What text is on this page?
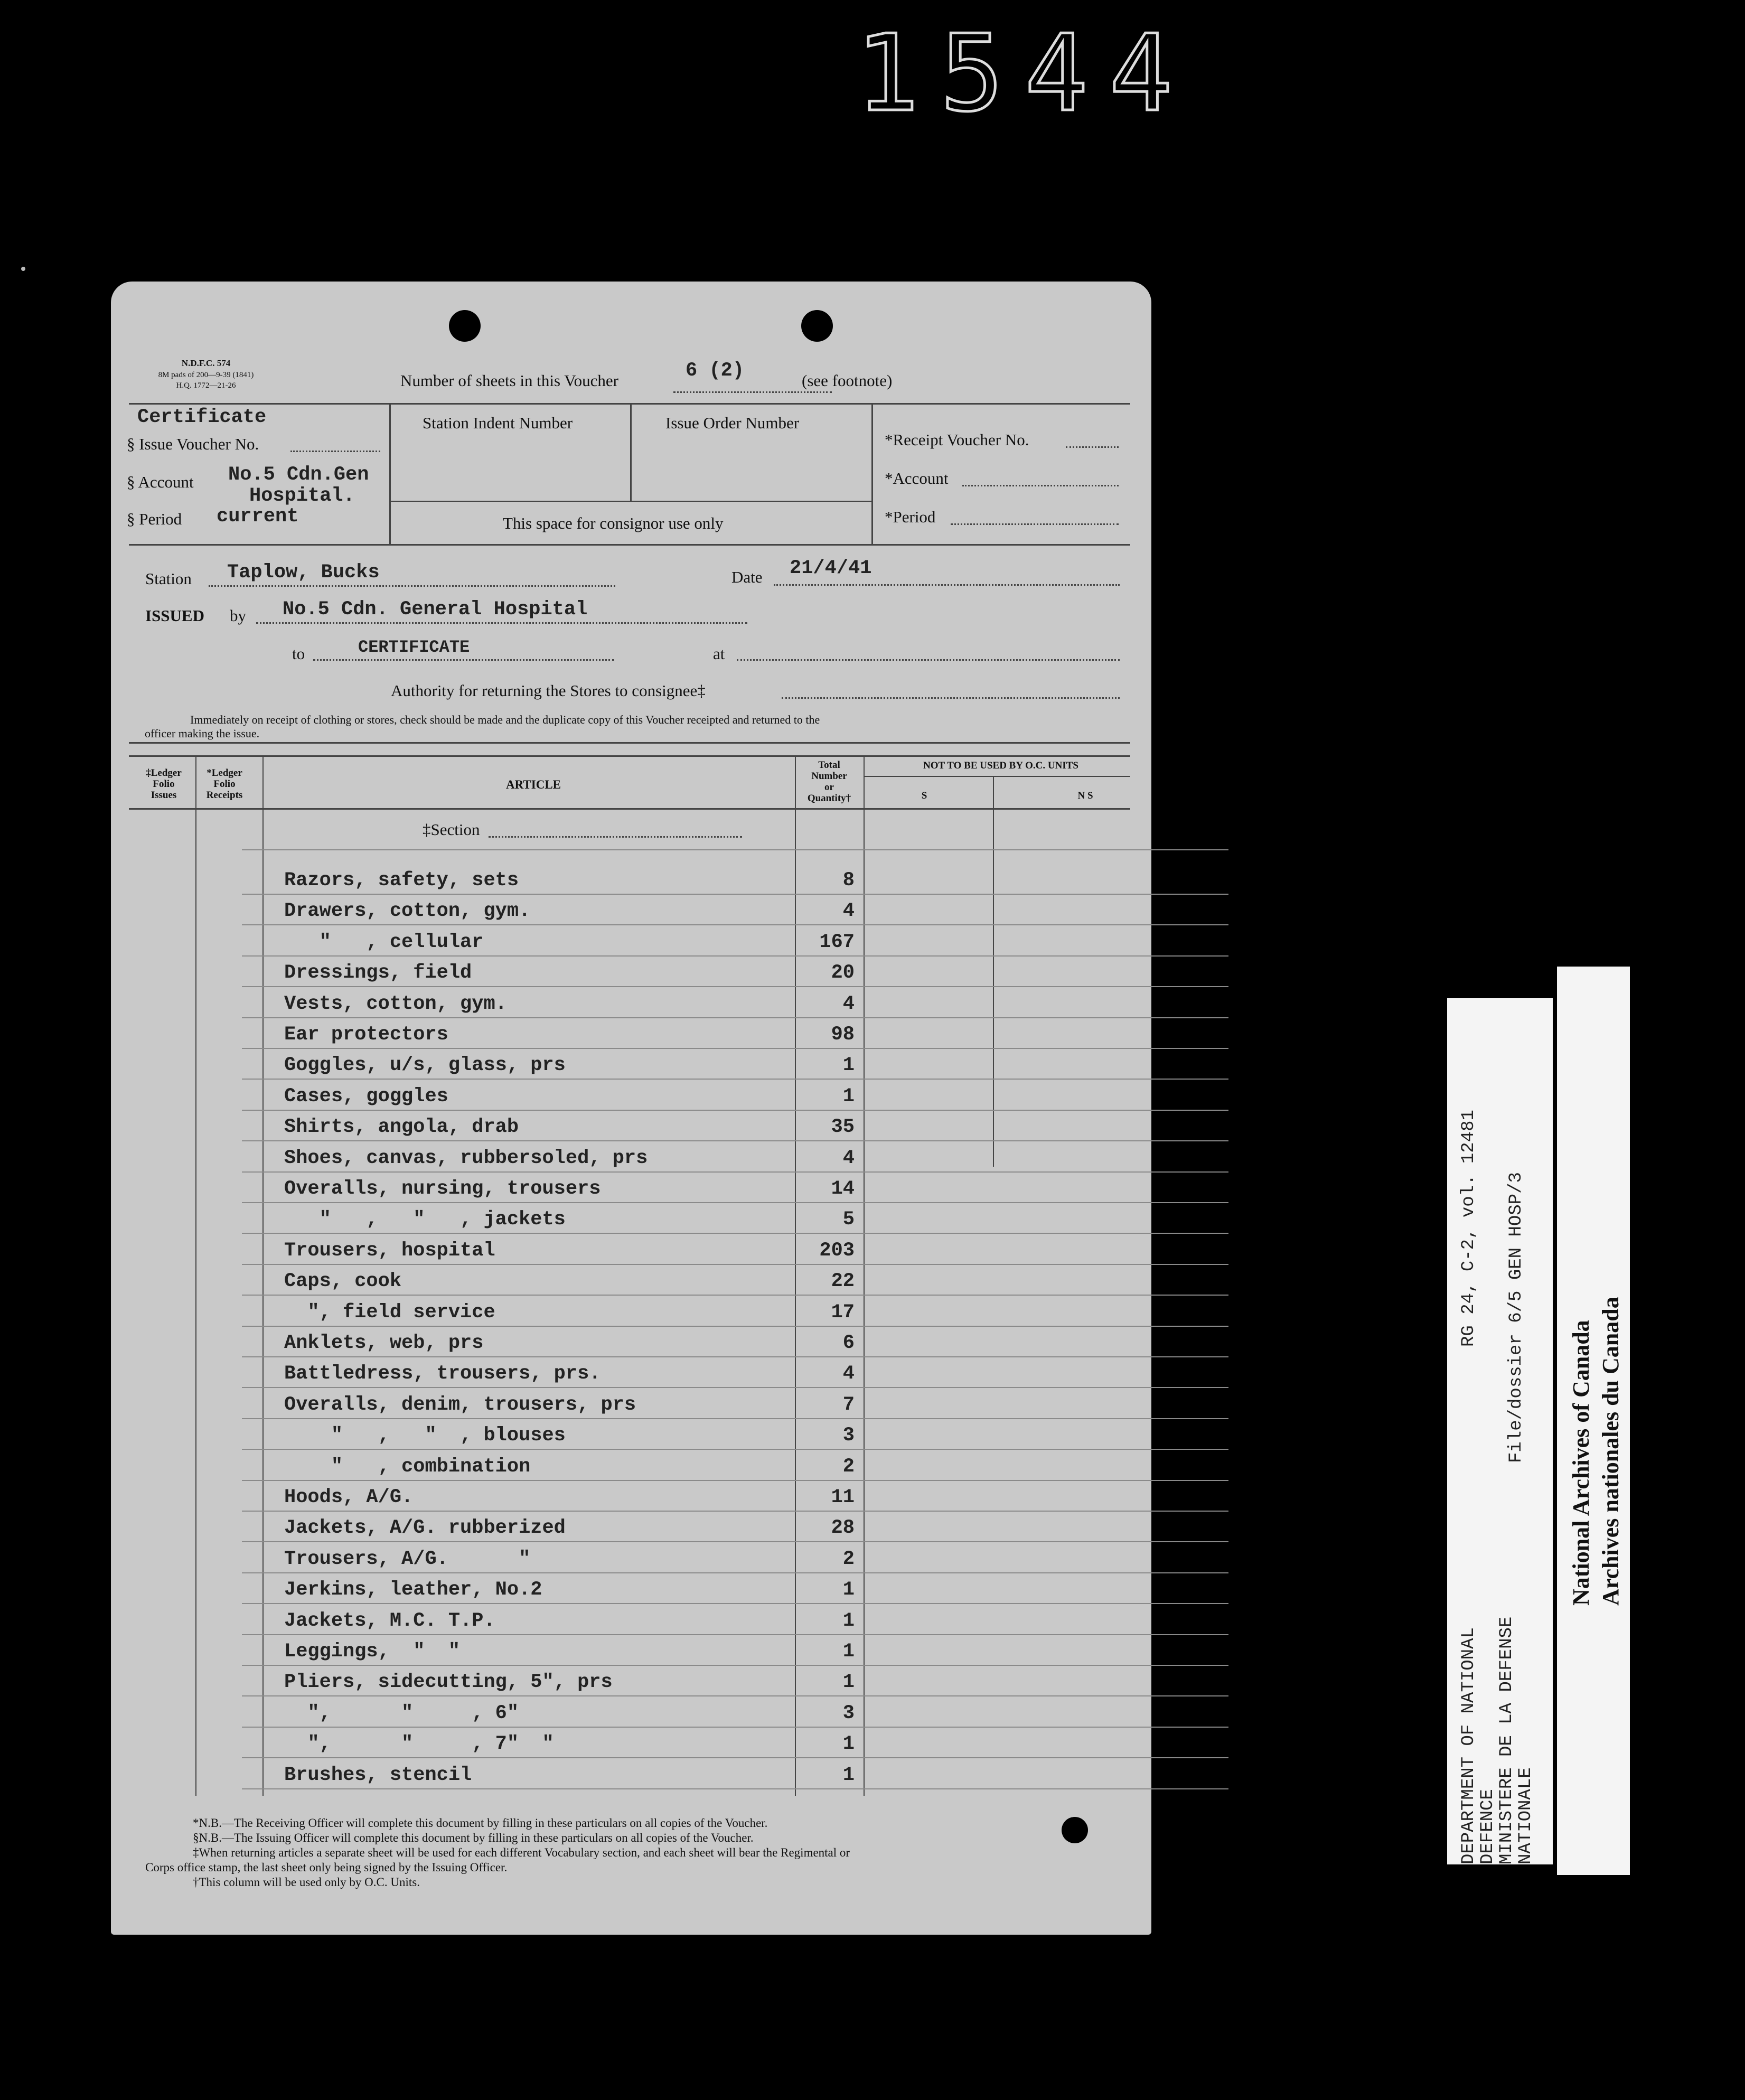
1 5 4 4
N.D.F.C. 574
8M pads of 200—9-39 (1841)
H.Q. 1772—21-26	Number of sheets in this Voucher	6 (2)	(see footnote)
Certificate
§ Issue Voucher No.
§ Account No.5 Cdn.Gen
Hospital.
§ Period current
Station Indent Number	Issue Order Number
This space for consignor use only
*Receipt Voucher No.
*Account
*Period
Station Taplow, Bucks	Date 21/4/41
ISSUED by No.5 Cdn. General Hospital
to	CERTIFICATE	at
Authority for returning the Stores to consignee‡
Immediately on receipt of clothing or stores, check should be made and the duplicate copy of this Voucher receipted and returned to the
officer making the issue.
‡Ledger
Folio
Issues
*Ledger
Folio
Receipts
ARTICLE
Total
Number
or
Quantity†
NOT TO BE USED BY O.C. UNITS
S	N S
‡Section
Razors, safety, sets	8
Drawers, cotton, gym.	4
"   , cellular	167
Dressings, field	20
Vests, cotton, gym.	4
Ear protectors	98
Goggles, u/s, glass, prs	1
Cases, goggles	1
Shirts, angola, drab	35
Shoes, canvas, rubbersoled, prs	4
Overalls, nursing, trousers	14
"   ,   "   , jackets	5
Trousers, hospital	203
Caps, cook	22
", field service	17
Anklets, web, prs	6
Battledress, trousers, prs.	4
Overalls, denim, trousers, prs	7
"   ,   "  , blouses	3
"   , combination	2
Hoods, A/G.	11
Jackets, A/G. rubberized	28
Trousers, A/G.      "	2
Jerkins, leather, No.2	1
Jackets, M.C. T.P.	1
Leggings,  "  "	1
Pliers, sidecutting, 5", prs	1
",      "     , 6"	3
",      "     , 7"  "	1
Brushes, stencil	1
*N.B.—The Receiving Officer will complete this document by filling in these particulars on all copies of the Voucher.
§N.B.—The Issuing Officer will complete this document by filling in these particulars on all copies of the Voucher.
‡When returning articles a separate sheet will be used for each different Vocabulary section, and each sheet will bear the Regimental or
Corps office stamp, the last sheet only being signed by the Issuing Officer.
†This column will be used only by O.C. Units.
RG 24, C-2, vol. 12481 File/dossier 6/5 GEN HOSP/3
DEPARTMENT OF NATIONAL
DEFENCE
MINISTERE DE LA DEFENSE
NATIONALE
National Archives of Canada Archives nationales du Canada
